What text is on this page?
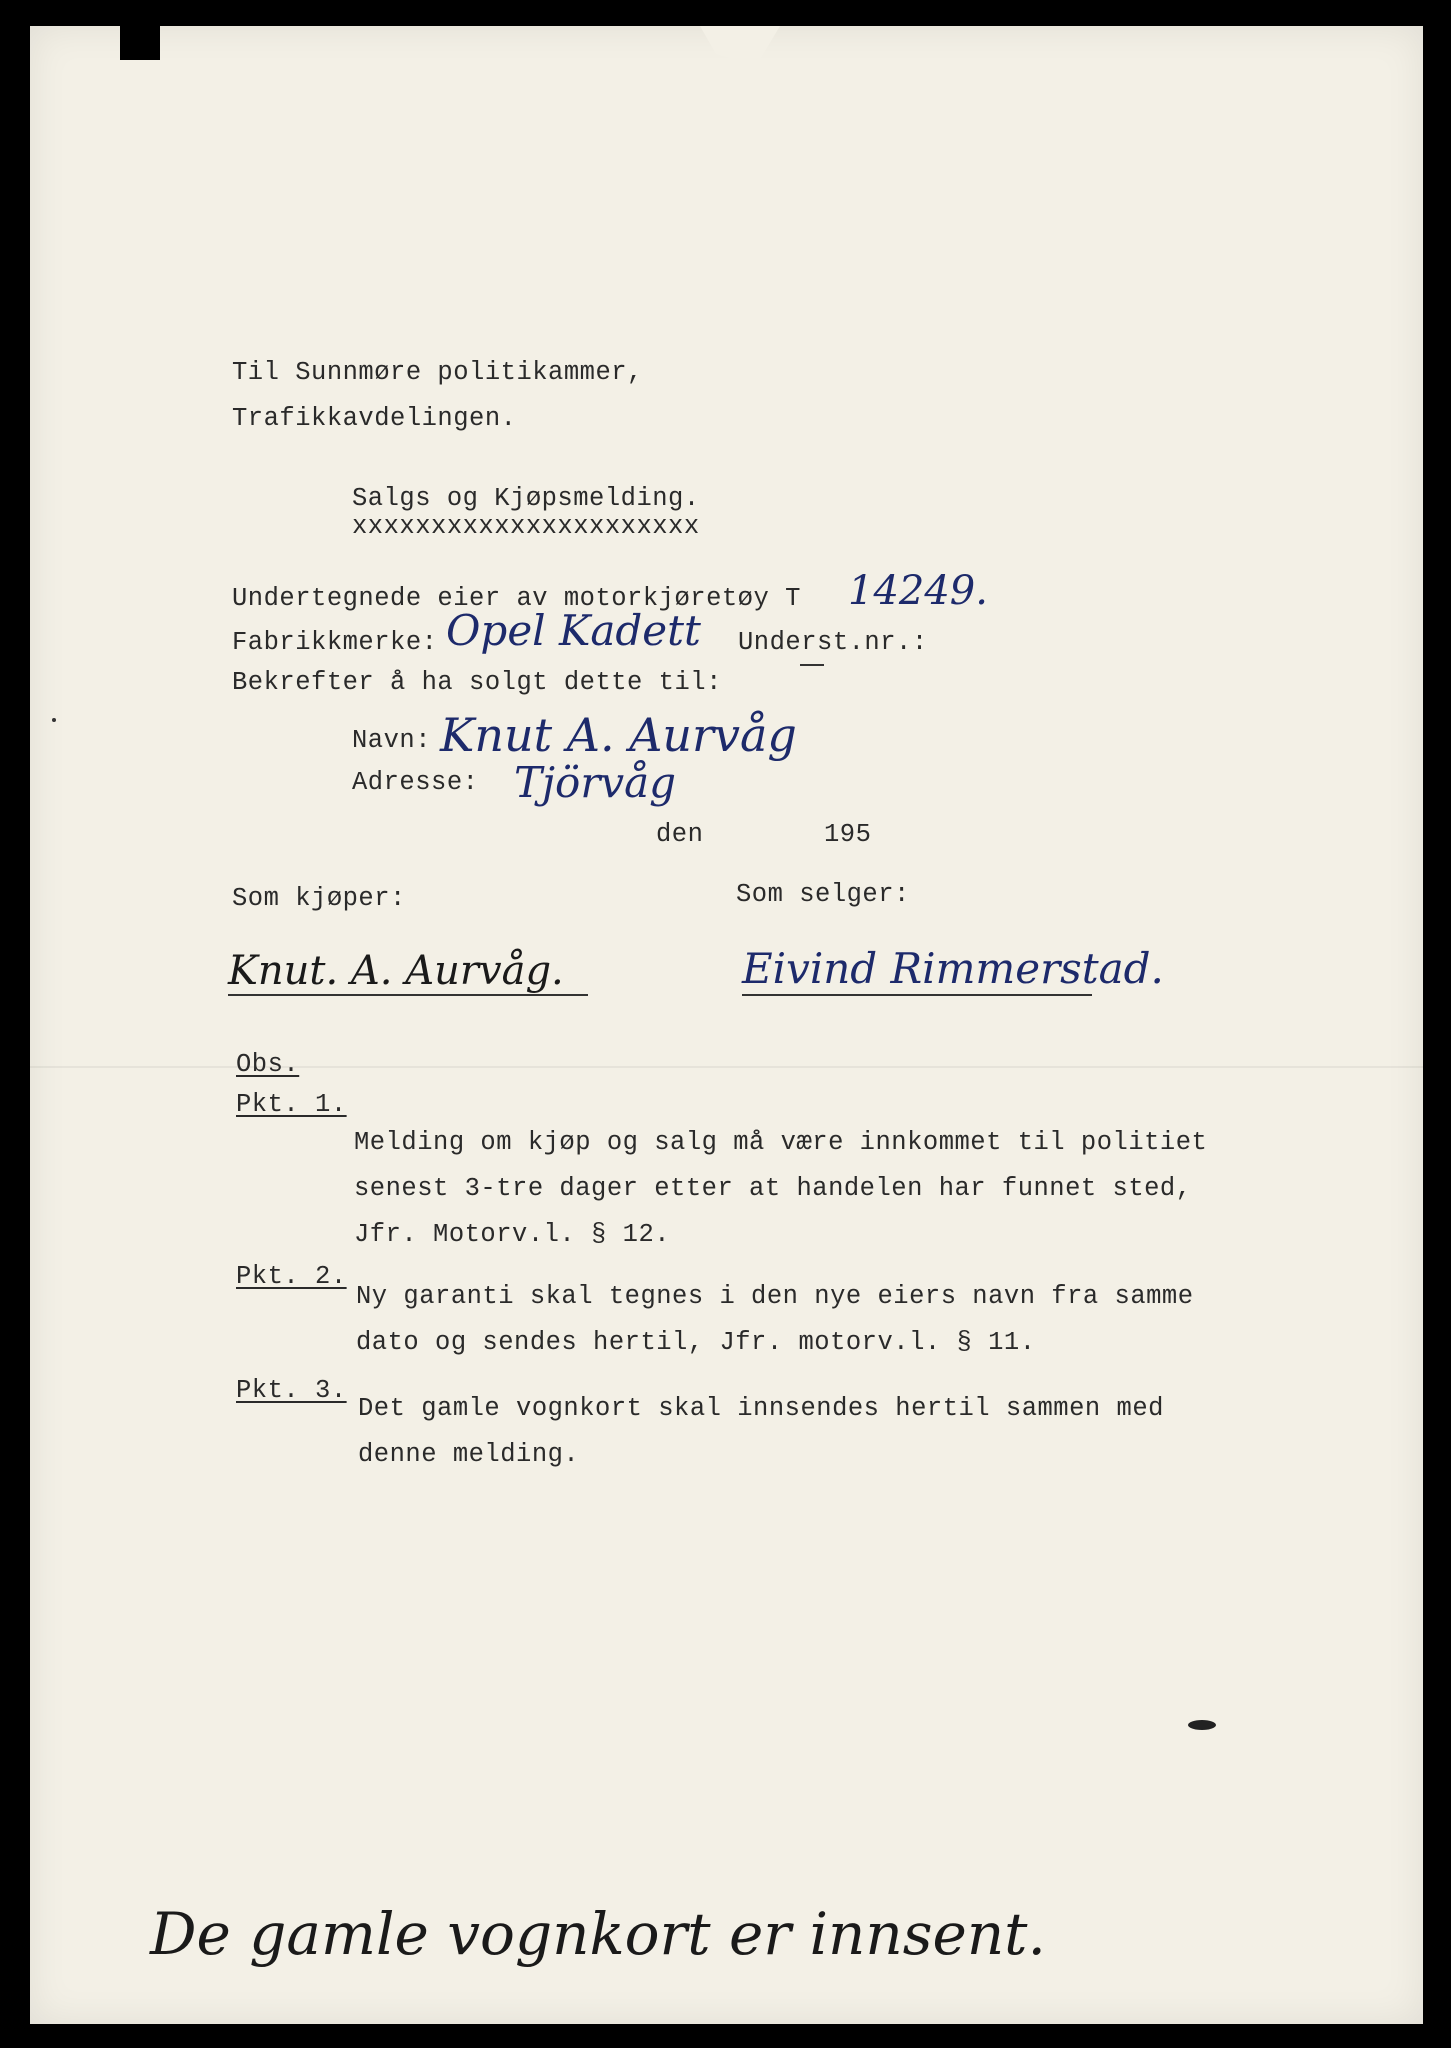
Til Sunnmøre politikammer,
Trafikkavdelingen.
Salgs og Kjøpsmelding.
xxxxxxxxxxxxxxxxxxxxxx
Undertegnede eier av motorkjøretøy T 14249.
Fabrikkmerke: Opel Kadett Underst.nr.:
Bekrefter å ha solgt dette til:
Navn: Knut A. Aurvåg
Adresse: Tjörvåg
den	195
Som kjøper:	Som selger:
Knut. A. Aurvåg.	Eivind Rimmerstad.
Obs.
Pkt. 1.
Melding om kjøp og salg må være innkommet til politiet
senest 3-tre dager etter at handelen har funnet sted,
Jfr. Motorv.l. § 12.
Pkt. 2.
Ny garanti skal tegnes i den nye eiers navn fra samme
dato og sendes hertil, Jfr. motorv.l. § 11.
Pkt. 3.
Det gamle vognkort skal innsendes hertil sammen med
denne melding.
De gamle vognkort er innsent.
